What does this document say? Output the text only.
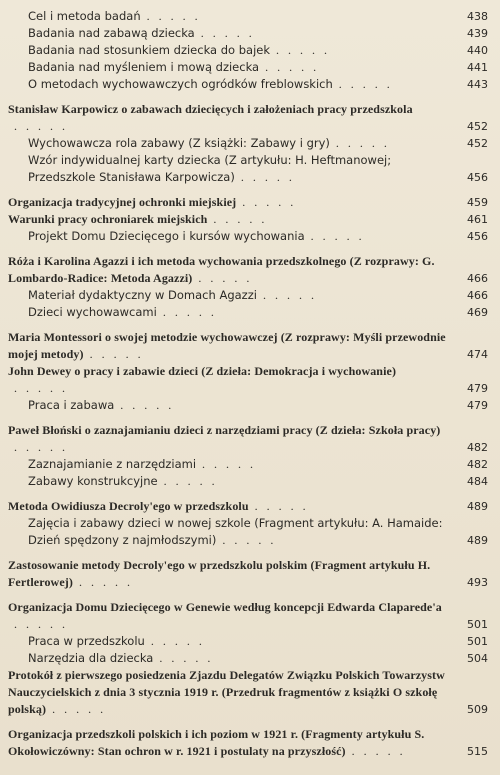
Cel i metoda badań . . . . .	438
Badania nad zabawą dziecka . . . . .	439
Badania nad stosunkiem dziecka do bajek . . . . .	440
Badania nad myśleniem i mową dziecka . . . . .	441
O metodach wychowawczych ogródków freblowskich . . . . .	443
Stanisław Karpowicz o zabawach dziecięcych i założeniach pracy przedszkola . . . . .	452
Wychowawcza rola zabawy (Z książki: Zabawy i gry) . . . . .	452
Wzór indywidualnej karty dziecka (Z artykułu: H. Heftmanowej; Przedszkole Stanisława Karpowicza) . . . . .	456
Organizacja tradycyjnej ochronki miejskiej . . . . .	459
Warunki pracy ochroniarek miejskich . . . . .	461
Projekt Domu Dziecięcego i kursów wychowania . . . . .	456
Róża i Karolina Agazzi i ich metoda wychowania przedszkolnego (Z rozprawy: G. Lombardo-Radice: Metoda Agazzi) . . . . .	466
Materiał dydaktyczny w Domach Agazzi . . . . .	466
Dzieci wychowawcami . . . . .	469
Maria Montessori o swojej metodzie wychowawczej (Z rozprawy: Myśli przewodnie mojej metody) . . . . .	474
John Dewey o pracy i zabawie dzieci (Z dzieła: Demokracja i wychowanie) . . . . .	479
Praca i zabawa . . . . .	479
Paweł Błoński o zaznajamianiu dzieci z narzędziami pracy (Z dzieła: Szkoła pracy) . . . . .	482
Zaznajamianie z narzędziami . . . . .	482
Zabawy konstrukcyjne . . . . .	484
Metoda Owidiusza Decroly'ego w przedszkolu . . . . .	489
Zajęcia i zabawy dzieci w nowej szkole (Fragment artykułu: A. Hamaide: Dzień spędzony z najmłodszymi) . . . . .	489
Zastosowanie metody Decroly'ego w przedszkolu polskim (Fragment artykułu H. Fertlerowej) . . . . .	493
Organizacja Domu Dziecięcego w Genewie według koncepcji Edwarda Claparede'a . . . . .	501
Praca w przedszkolu . . . . .	501
Narzędzia dla dziecka . . . . .	504
Protokół z pierwszego posiedzenia Zjazdu Delegatów Związku Polskich Towarzystw Nauczycielskich z dnia 3 stycznia 1919 r. (Przedruk fragmentów z książki O szkołę polską) . . . . .	509
Organizacja przedszkoli polskich i ich poziom w 1921 r. (Fragmenty artykułu S. Okołowiczówny: Stan ochron w r. 1921 i postulaty na przyszłość) . . . . .	515
